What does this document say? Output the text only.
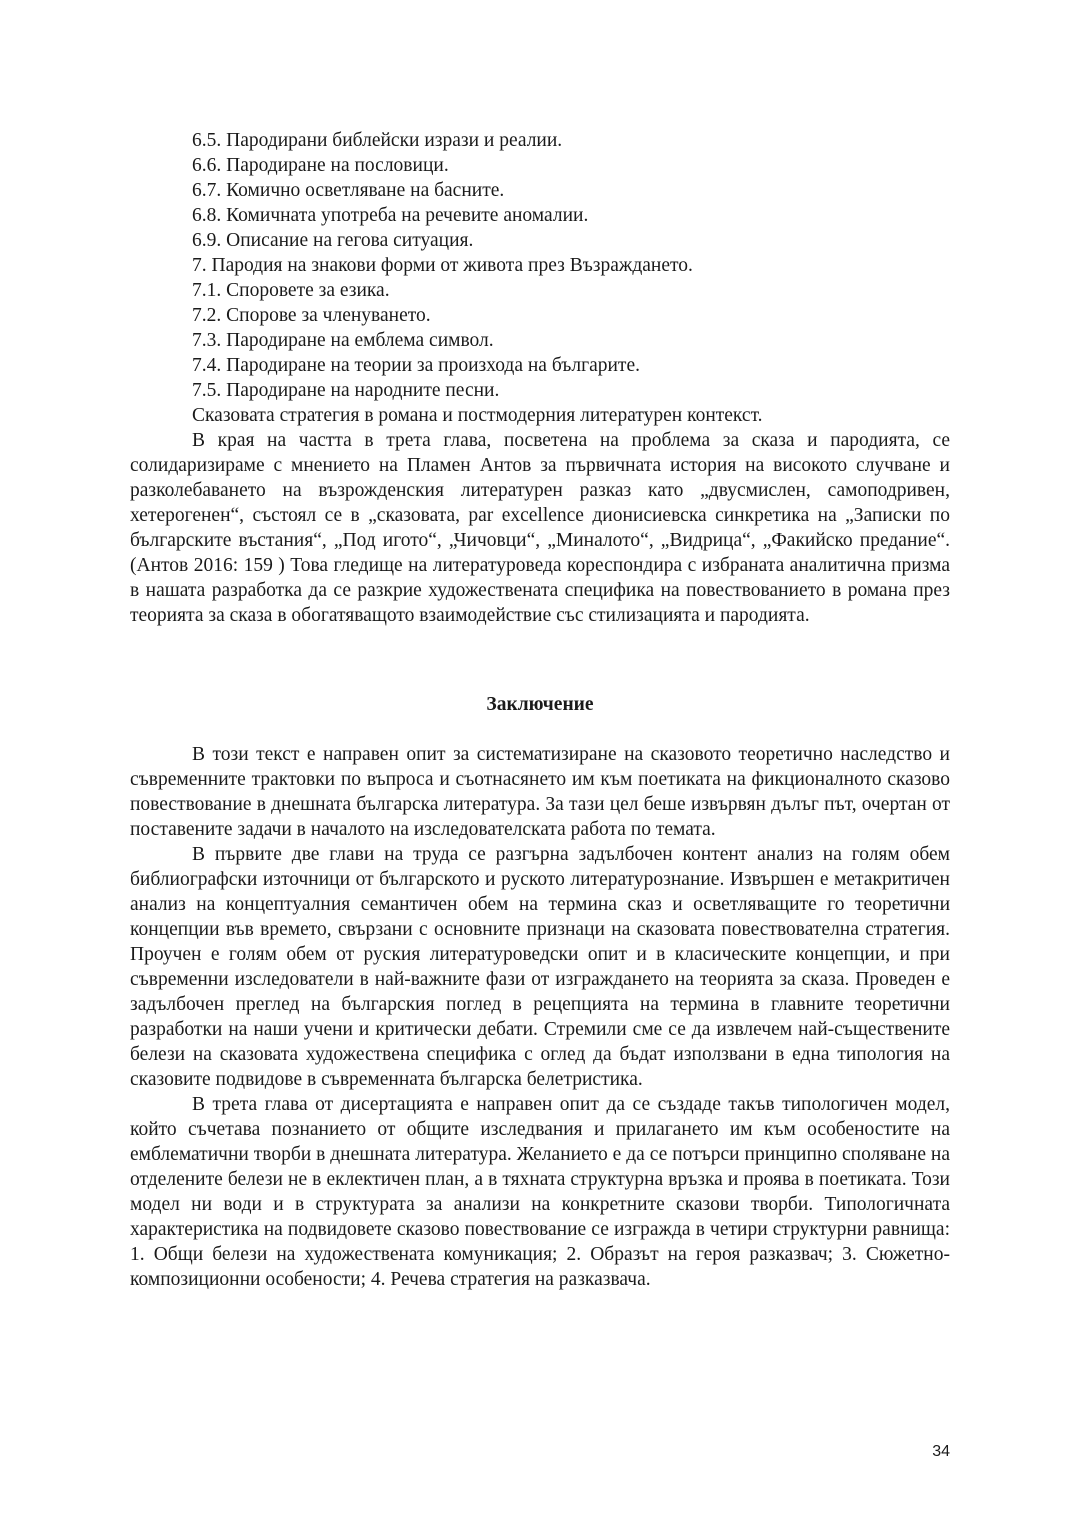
6.5. Пародирани библейски изрази и реалии.
6.6. Пародиране на пословици.
6.7. Комично осветляване на басните.
6.8. Комичната употреба на речевите аномалии.
6.9. Описание на гегова ситуация.
7. Пародия на знакови форми от живота през Възраждането.
7.1. Споровете за езика.
7.2. Спорове за членуването.
7.3. Пародиране на емблема символ.
7.4. Пародиране на теории за произхода на българите.
7.5. Пародиране на народните песни.
Сказовата стратегия в романа и постмодерния литературен контекст.

В края на частта в трета глава, посветена на проблема за сказа и пародията, се солидаризираме с мнението на Пламен Антов за първичната история на високото случване и разколебаването на възрожденския литературен разказ като „двусмислен, самоподривен, хетерогенен“, състоял се в „сказовата, par excellence дионисиевска синкретика на „Записки по българските въстания“, „Под игото“, „Чичовци“, „Миналото“, „Видрица“, „Факийско предание“. (Антов 2016: 159 ) Това гледище на литературоведа кореспондира с избраната аналитична призма в нашата разработка да се разкрие художествената специфика на повествованието в романа през теорията за сказа в обогатяващото взаимодействие със стилизацията и пародията.

Заключение

В този текст е направен опит за систематизиране на сказовото теоретично наследство и съвременните трактовки по въпроса и съотнасянето им към поетиката на фикционалното сказово повествование в днешната българска литература. За тази цел беше извървян дълъг път, очертан от поставените задачи в началото на изследователската работа по темата.

В първите две глави на труда се разгърна задълбочен контент анализ на голям обем библиографски източници от българското и руското литературознание. Извършен е метакритичен анализ на концептуалния семантичен обем на термина сказ и осветляващите го теоретични концепции във времето, свързани с основните признаци на сказовата повествователна стратегия. Проучен е голям обем от руския литературоведски опит и в класическите концепции, и при съвременни изследователи в най-важните фази от изграждането на теорията за сказа. Проведен е задълбочен преглед на българския поглед в рецепцията на термина в главните теоретични разработки на наши учени и критически дебати. Стремили сме се да извлечем най-съществените белези на сказовата художествена специфика с оглед да бъдат използвани в една типология на сказовите подвидове в съвременната българска белетристика.

В трета глава от дисертацията е направен опит да се създаде такъв типологичен модел, който съчетава познанието от общите изследвания и прилагането им към особеностите на емблематични творби в днешната литература. Желанието е да се потърси принципно споляване на отделените белези не в еклектичен план, а в тяхната структурна връзка и проява в поетиката. Този модел ни води и в структурата за анализи на конкретните сказови творби. Типологичната характеристика на подвидовете сказово повествование се изгражда в четири структурни равнища: 1. Общи белези на художествената комуникация; 2. Образът на героя разказвач; 3. Сюжетно-композиционни особености; 4. Речева стратегия на разказвача.

34
